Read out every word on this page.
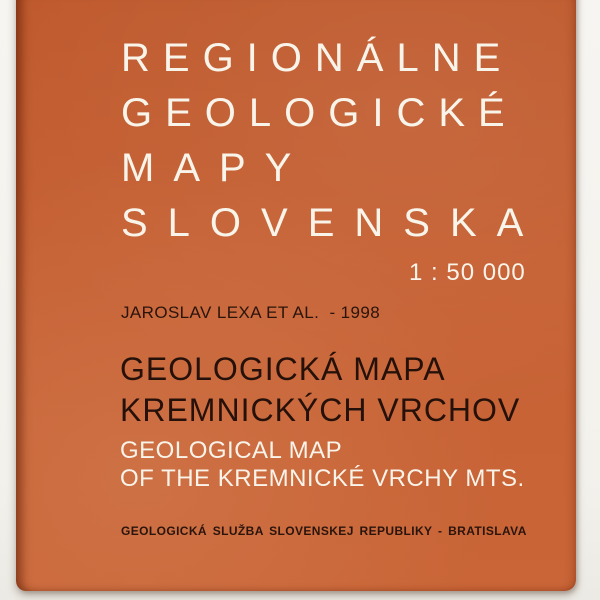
REGIONÁLNE
GEOLOGICKÉ
MAPY
SLOVENSKA
1 : 50 000
JAROSLAV LEXA ET AL.  - 1998
GEOLOGICKÁ MAPA
KREMNICKÝCH VRCHOV
GEOLOGICAL MAP
OF THE KREMNICKÉ VRCHY MTS.
GEOLOGICKÁ SLUŽBA SLOVENSKEJ REPUBLIKY - BRATISLAVA
